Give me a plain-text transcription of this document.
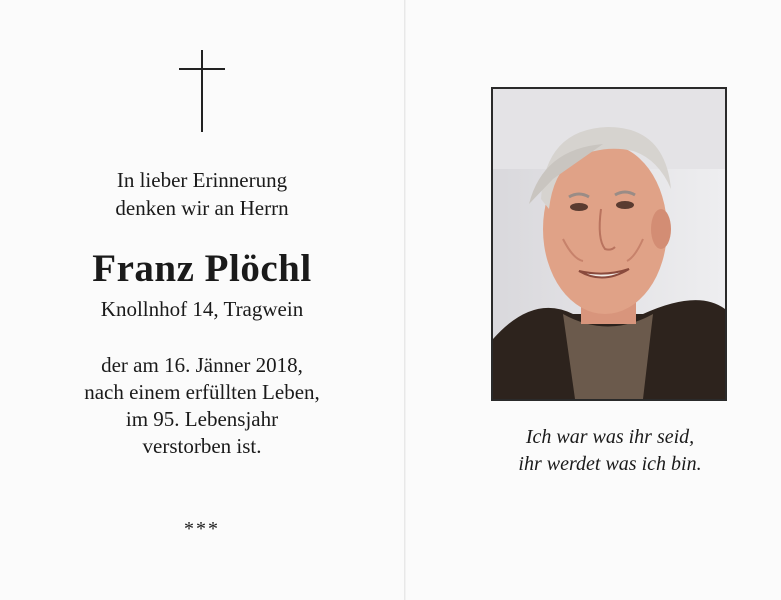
In lieber Erinnerung
denken wir an Herrn
Franz Plöchl
Knollnhof 14, Tragwein
der am 16. Jänner 2018,
nach einem erfüllten Leben,
im 95. Lebensjahr
verstorben ist.
***
Ich war was ihr seid,
ihr werdet was ich bin.
